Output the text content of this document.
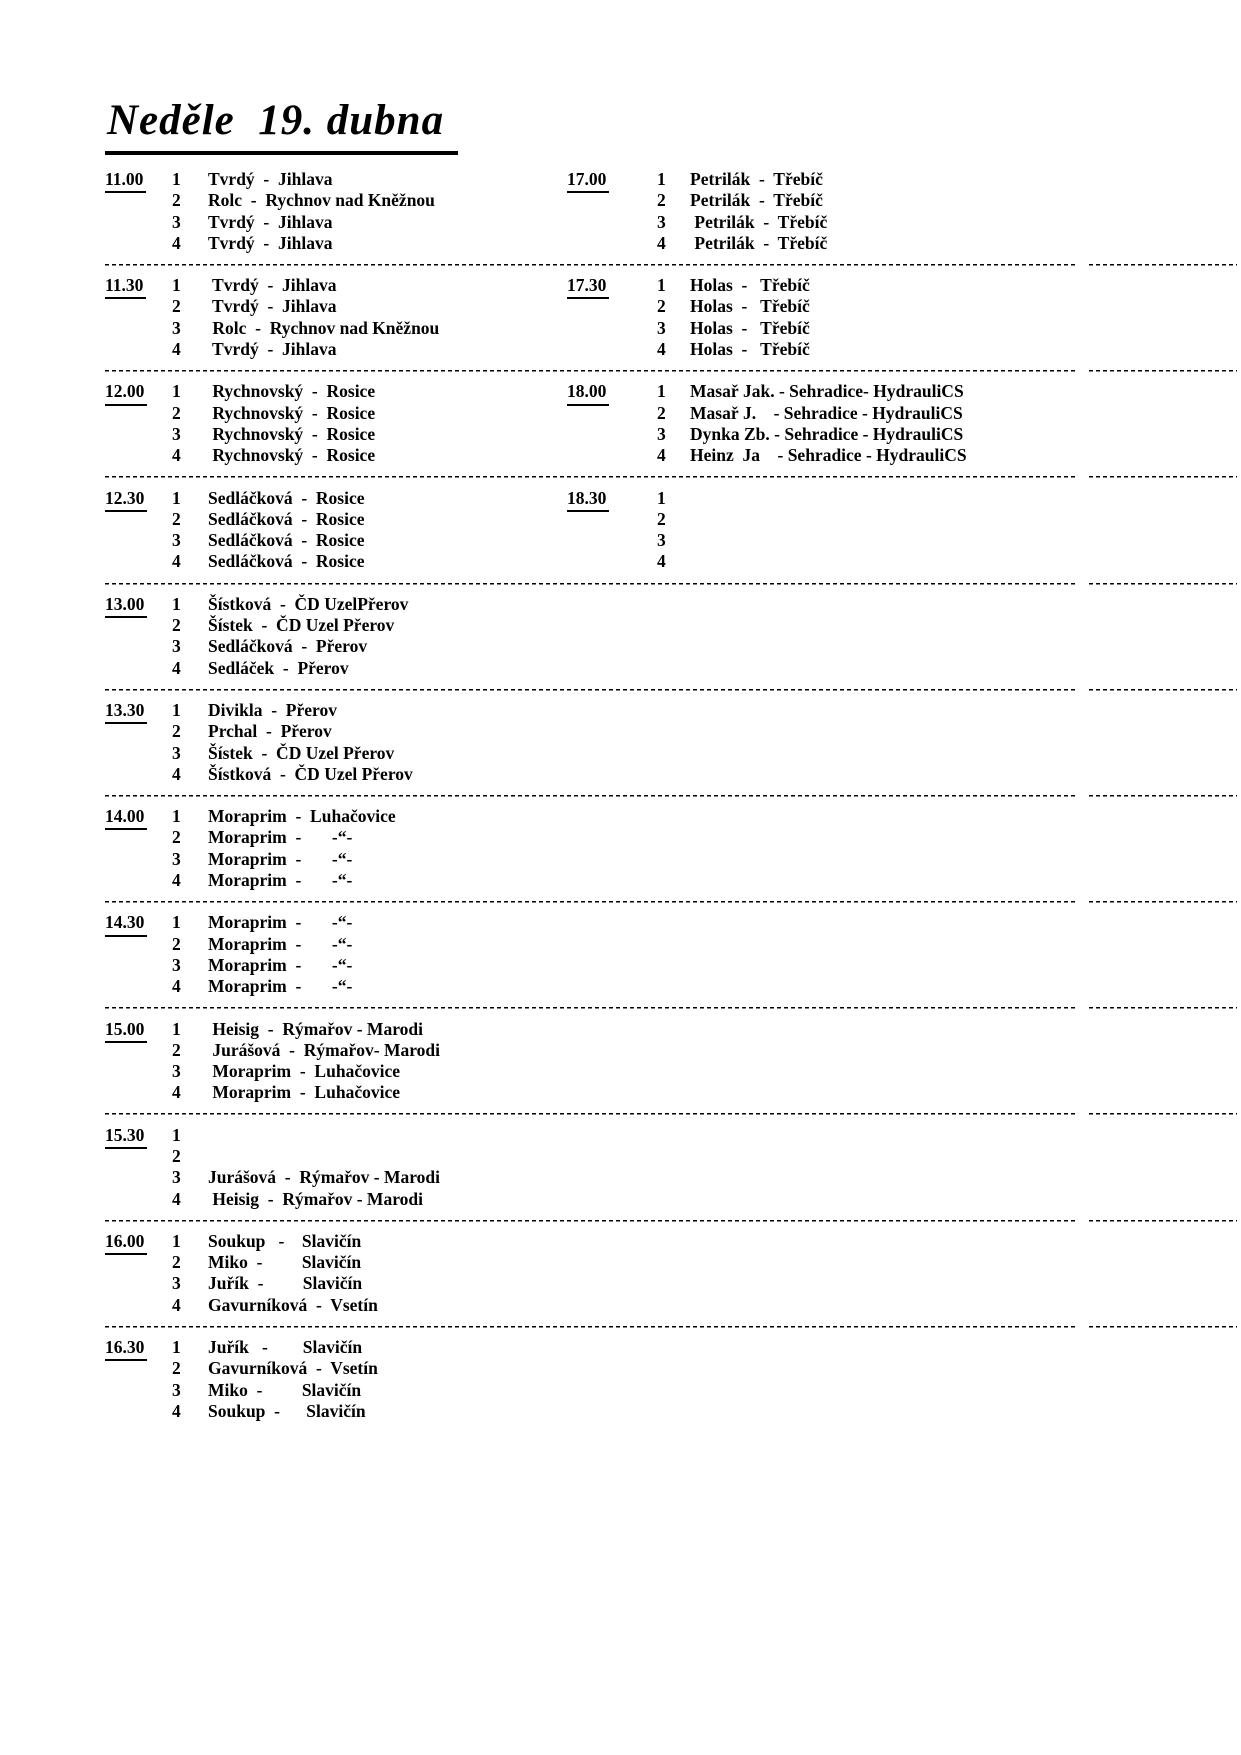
Neděle  19. dubna
11.00	1	Tvrdý  -  Jihlava
2	Rolc  -  Rychnov nad Kněžnou
3	Tvrdý  -  Jihlava
4	Tvrdý  -  Jihlava
17.00	1	Petrilák  -  Třebíč
2	Petrilák  -  Třebíč
3	Petrilák  -  Třebíč
4	Petrilák  -  Třebíč
11.30	1	Tvrdý  -  Jihlava
2	Tvrdý  -  Jihlava
3	Rolc  -  Rychnov nad Kněžnou
4	Tvrdý  -  Jihlava
17.30	1	Holas  -   Třebíč
2	Holas  -   Třebíč
3	Holas  -   Třebíč
4	Holas  -   Třebíč
12.00	1	Rychnovský  -  Rosice
2	Rychnovský  -  Rosice
3	Rychnovský  -  Rosice
4	Rychnovský  -  Rosice
18.00	1	Masař Jak. - Sehradice- HydrauliCS
2	Masař J.    - Sehradice - HydrauliCS
3	Dynka Zb. - Sehradice - HydrauliCS
4	Heinz  Ja    - Sehradice - HydrauliCS
12.30	1	Sedláčková  -  Rosice
2	Sedláčková  -  Rosice
3	Sedláčková  -  Rosice
4	Sedláčková  -  Rosice
18.30	1
2
3
4
13.00	1	Šístková  -  ČD UzelPřerov
2	Šístek  -  ČD Uzel Přerov
3	Sedláčková  -  Přerov
4	Sedláček  -  Přerov
13.30	1	Divikla  -  Přerov
2	Prchal  -  Přerov
3	Šístek  -  ČD Uzel Přerov
4	Šístková  -  ČD Uzel Přerov
14.00	1	Moraprim  -  Luhačovice
2	Moraprim  -       -“-
3	Moraprim  -       -“-
4	Moraprim  -       -“-
14.30	1	Moraprim  -       -“-
2	Moraprim  -       -“-
3	Moraprim  -       -“-
4	Moraprim  -       -“-
15.00	1	Heisig  -  Rýmařov - Marodi
2	Jurášová  -  Rýmařov- Marodi
3	Moraprim  -  Luhačovice
4	Moraprim  -  Luhačovice
15.30	1
2
3	Jurášová  -  Rýmařov - Marodi
4	Heisig  -  Rýmařov - Marodi
16.00	1	Soukup   -    Slavičín
2	Miko  -         Slavičín
3	Juřík  -         Slavičín
4	Gavurníková  -  Vsetín
16.30	1	Juřík   -        Slavičín
2	Gavurníková  -  Vsetín
3	Miko  -         Slavičín
4	Soukup  -      Slavičín
